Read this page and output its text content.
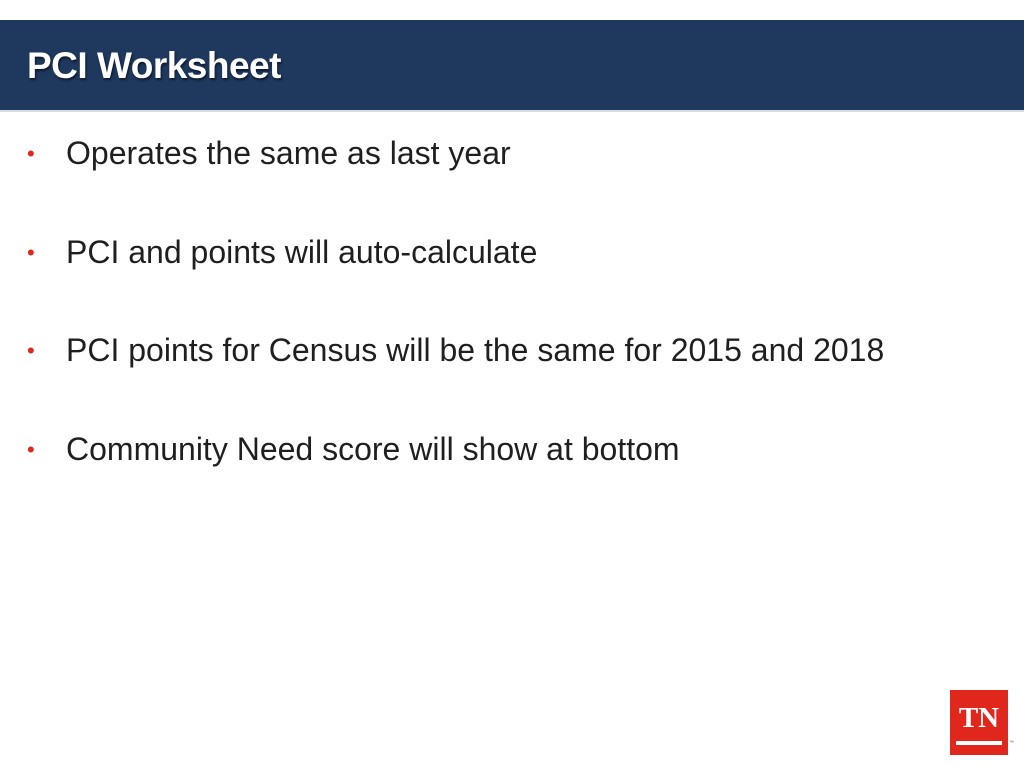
PCI Worksheet
• Operates the same as last year
• PCI and points will auto-calculate
• PCI points for Census will be the same for 2015 and 2018
• Community Need score will show at bottom
TN
™
